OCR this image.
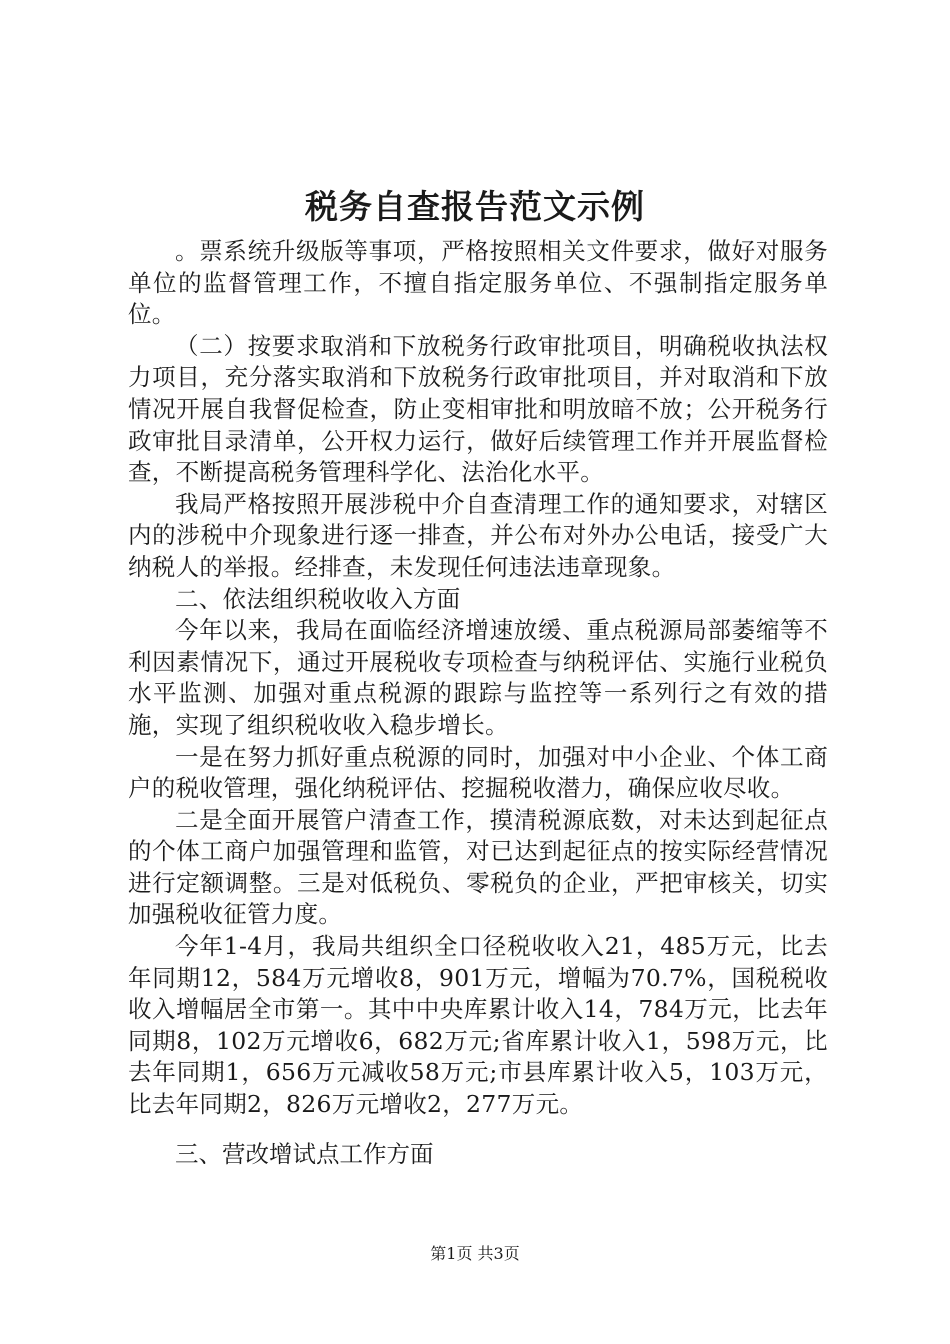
税务自查报告范文示例

。票系统升级版等事项，严格按照相关文件要求，做好对服务单位的监督管理工作，不擅自指定服务单位、不强制指定服务单位。

（二）按要求取消和下放税务行政审批项目，明确税收执法权力项目，充分落实取消和下放税务行政审批项目，并对取消和下放情况开展自我督促检查，防止变相审批和明放暗不放；公开税务行政审批目录清单，公开权力运行，做好后续管理工作并开展监督检查，不断提高税务管理科学化、法治化水平。

我局严格按照开展涉税中介自查清理工作的通知要求，对辖区内的涉税中介现象进行逐一排查，并公布对外办公电话，接受广大纳税人的举报。经排查，未发现任何违法违章现象。

二、依法组织税收收入方面

今年以来，我局在面临经济增速放缓、重点税源局部萎缩等不利因素情况下，通过开展税收专项检查与纳税评估、实施行业税负水平监测、加强对重点税源的跟踪与监控等一系列行之有效的措施，实现了组织税收收入稳步增长。

一是在努力抓好重点税源的同时，加强对中小企业、个体工商户的税收管理，强化纳税评估、挖掘税收潜力，确保应收尽收。

二是全面开展管户清查工作，摸清税源底数，对未达到起征点的个体工商户加强管理和监管，对已达到起征点的按实际经营情况进行定额调整。三是对低税负、零税负的企业，严把审核关，切实加强税收征管力度。

今年1-4月，我局共组织全口径税收收入21，485万元，比去年同期12，584万元增收8，901万元，增幅为70.7%，国税税收收入增幅居全市第一。其中中央库累计收入14，784万元，比去年同期8，102万元增收6，682万元;省库累计收入1，598万元，比去年同期1，656万元减收58万元;市县库累计收入5，103万元，比去年同期2，826万元增收2，277万元。

三、营改增试点工作方面

第1页 共3页
